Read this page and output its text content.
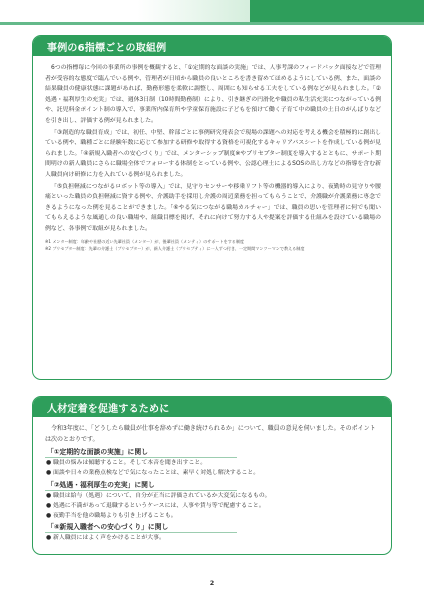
事例の6指標ごとの取組例

6つの指標毎に今回の事業所の事例を概観すると、「①定期的な面談の実施」では、人事考課のフィードバック面接などで管理者が受容的な態度で臨んでいる例や、管理者が日頃から職員の良いところを書き留めてほめるようにしている例、また、面談の結果職員の健康状態に課題があれば、勤務形態を柔軟に調整し、周囲にも知らせる工夫をしている例などが見られました。「②処遇・福利厚生の充実」では、週休3日制（10時間勤務制）により、引き継ぎの円滑化や職員の私生活充実につながっている例や、託児料金ポイント制の導入で、事業所内保育所や学童保育施設に子どもを預けて働く子育て中の職員の土日のがんばりなどを引き出し、評価する例が見られました。

「③創造的な職員育成」では、初任、中堅、幹部ごとに事例研究発表会で現場の課題への対応を考える機会を積極的に創出している例や、職種ごとに経験年数に応じて参加する研修や取得する資格を可視化するキャリアパスシートを作成している例が見られました。「④新規入職者への安心づくり」では、メンターシップ制度※やプリセプター制度を導入するとともに、サポート期間明けの新人職員にさらに職場全体でフォローする体制をとっている例や、公認心理士によるSOSの出し方などの指導を含む新人職員向け研修に力を入れている例が見られました。

「⑤負担軽減につながるロボット等の導入」では、見守りセンサーや移乗リフト等の機器的導入により、夜勤時の見守りや腰痛といった職員の負担軽減に資する例や、介護助手を採用し介護の周辺業務を担ってもらうことで、介護職が介護業務に専念できるようになった例を見ることができました。「⑥やる気につながる職場カルチャー」では、職員の思いを管理者に何でも聞いてもらえるような風通しの良い職場や、組織目標を掲げ、それに向けて努力する人や提案を評価する仕組みを設けている職場の例など、各事例で取組が見られました。

※1 メンター制度：年齢や社歴の近い先輩社員（メンター）が、後輩社員（メンティ）のサポートをする制度
※2 プリセプター制度：先輩の介護士（プリセプター）が、新人介護士（プリセプティ）に一人ずつ付き、一定期間マンツーマンで教える制度
人材定着を促進するために

令和3年度に、「どうしたら職員が仕事を辞めずに働き続けられるか」について、職員の意見を伺いました。そのポイントは次のとおりです。

「①定期的な面談の実施」に関し
● 職員の悩みは傾聴すること。そして本音を聞き出すこと。
● 面談や日々の業務点検などで気になったことは、素早く対処し解決すること。
「②処遇・福利厚生の充実」に関し
● 職員は給与（処遇）について、自分が正当に評価されているか大変気になるもの。
● 処遇に不満があって退職するというケースには、人事や賃与等で配慮すること。
● 夜勤手当を他の職場よりも引き上げることも。
「④新規入職者への安心づくり」に関し
● 新人職員にはよく声をかけることが大事。
2
